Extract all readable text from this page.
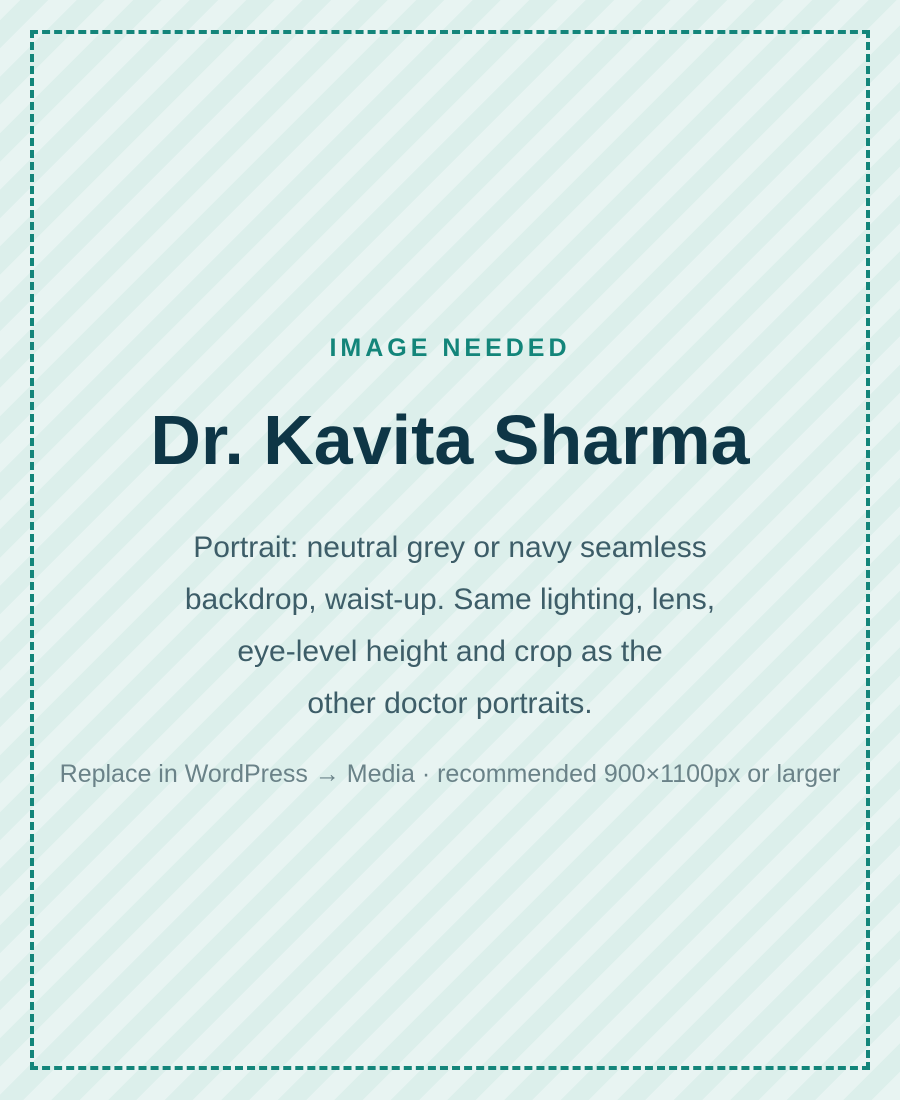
IMAGE NEEDED
Dr. Kavita Sharma
Portrait: neutral grey or navy seamless
backdrop, waist-up. Same lighting, lens,
eye-level height and crop as the
other doctor portraits.
Replace in WordPress → Media · recommended 900×1100px or larger
